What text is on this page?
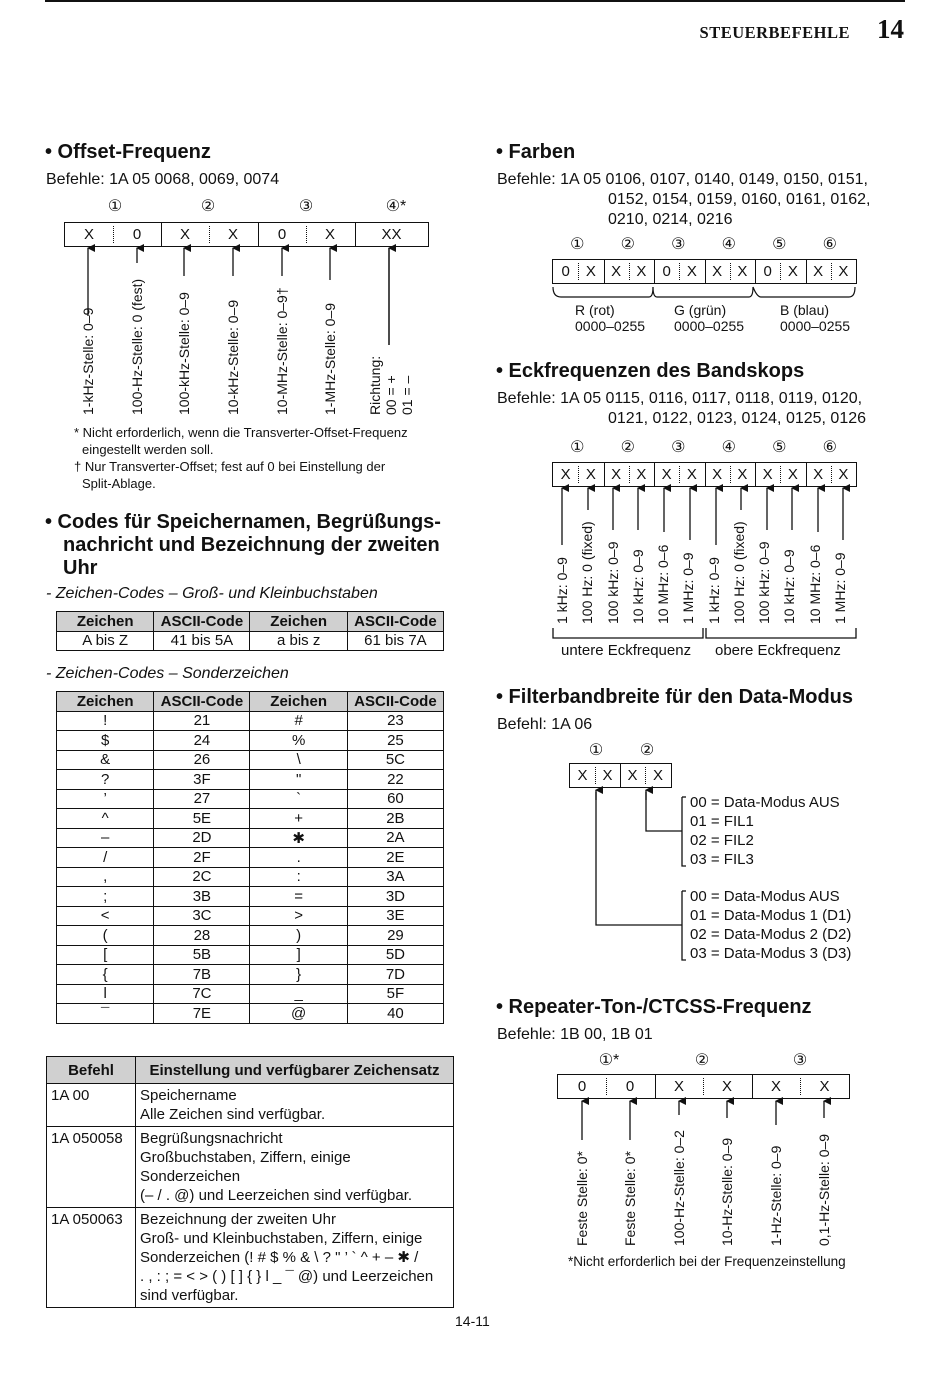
STEUERBEFEHLE 14
• Offset-Frequenz
Befehle: 1A 05 0068, 0069, 0074
①	②	③	④*
X	0	X	X	0	X	XX
1-kHz-Stelle: 0–9 100-Hz-Stelle: 0 (fest) 100-kHz-Stelle: 0–9 10-kHz-Stelle: 0–9 10-MHz-Stelle: 0–9† 1-MHz-Stelle: 0–9 Richtung: 00 = + 01 = –
* Nicht erforderlich, wenn die Transverter-Offset-Frequenz
eingestellt werden soll.
† Nur Transverter-Offset; fest auf 0 bei Einstellung der
Split-Ablage.
• Codes für Speichernamen, Begrüßungs-
nachricht und Bezeichnung der zweiten
Uhr
- Zeichen-Codes – Groß- und Kleinbuchstaben
Zeichen	ASCII-Code	Zeichen	ASCII-Code
A bis Z	41 bis 5A	a bis z	61 bis 7A
- Zeichen-Codes – Sonderzeichen
Zeichen	ASCII-Code	Zeichen	ASCII-Code
!	21	#	23
$	24	%	25
&	26	\	5C
?	3F	"	22
’	27	`	60
^	5E	+	2B
–	2D	✱	2A
/	2F	.	2E
,	2C	:	3A
;	3B	=	3D
<	3C	>	3E
(	28	)	29
[	5B	]	5D
{	7B	}	7D
l	7C	_	5F
¯	7E	@	40
Befehl	Einstellung und verfügbarer Zeichensatz
1A 00	Speichername
Alle Zeichen sind verfügbar.

1A 050058	Begrüßungsnachricht
Großbuchstaben, Ziffern, einige Sonderzeichen
(– / . @) und Leerzeichen sind verfügbar.

1A 050063	Bezeichnung der zweiten Uhr
Groß- und Kleinbuchstaben, Ziffern, einige
Sonderzeichen (! # $ % & \ ? " ’ ` ^ + – ✱ /
. , : ; = < > ( ) [ ] { } l _ ¯ @) und Leerzeichen
sind verfügbar.
• Farben
Befehle: 1A 05 0106, 0107, 0140, 0149, 0150, 0151,
0152, 0154, 0159, 0160, 0161, 0162,
0210, 0214, 0216
① ② ③ ④ ⑤ ⑥
0	X	X	X	0	X	X	X	0	X	X	X
R (rot)
0000–0255
G (grün)
0000–0255
B (blau)
0000–0255
• Eckfrequenzen des Bandskops
Befehle: 1A 05 0115, 0116, 0117, 0118, 0119, 0120,
0121, 0122, 0123, 0124, 0125, 0126
① ② ③ ④ ⑤ ⑥
X	X	X	X	X	X	X	X	X	X	X	X
1 kHz: 0–9 100 Hz: 0 (fixed) 100 kHz: 0–9 10 kHz: 0–9 10 MHz: 0–6 1 MHz: 0–9 1 kHz: 0–9 100 Hz: 0 (fixed) 100 kHz: 0–9 10 kHz: 0–9 10 MHz: 0–6 1 MHz: 0–9
untere Eckfrequenz obere Eckfrequenz
• Filterbandbreite für den Data-Modus
Befehl: 1A 06
① ②
X X X	X
00 = Data-Modus AUS
01 = FIL1
02 = FIL2
03 = FIL3
00 = Data-Modus AUS
01 = Data-Modus 1 (D1)
02 = Data-Modus 2 (D2)
03 = Data-Modus 3 (D3)
• Repeater-Ton-/CTCSS-Frequenz
Befehle: 1B 00, 1B 01
①*	②	③
0	0	X	X	X	X
Feste Stelle: 0* Feste Stelle: 0* 100-Hz-Stelle: 0–2 10-Hz-Stelle: 0–9 1-Hz-Stelle: 0–9 0,1-Hz-Stelle: 0–9
*Nicht erforderlich bei der Frequenzeinstellung
14-11
